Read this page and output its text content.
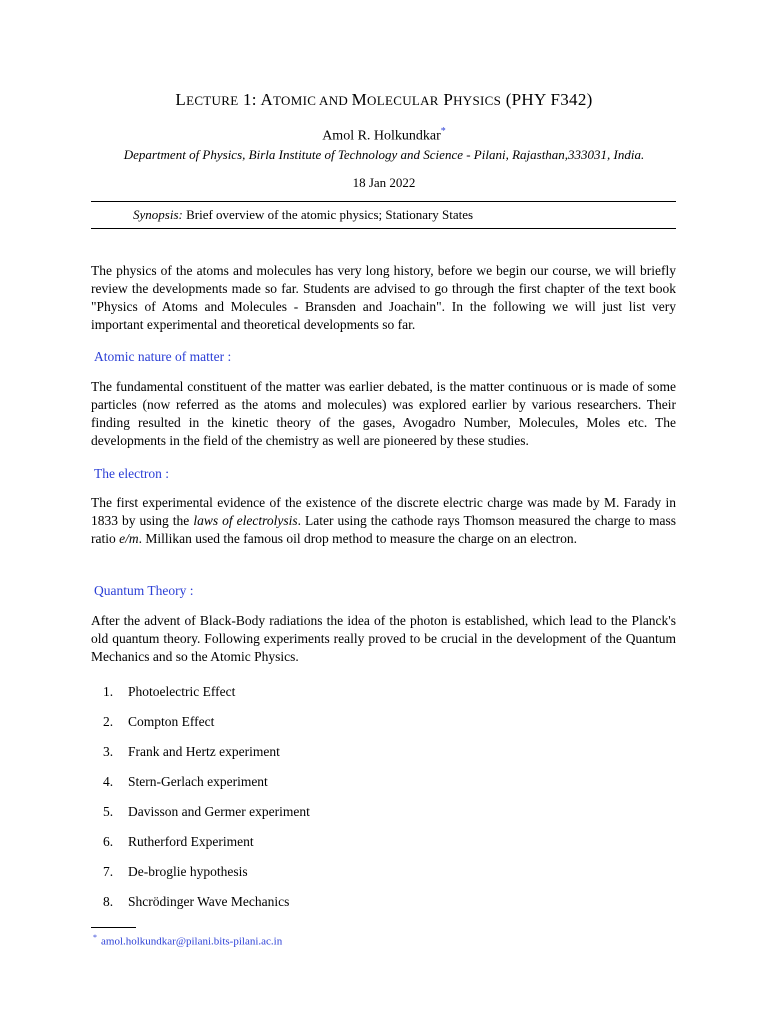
LECTURE 1: ATOMIC AND MOLECULAR PHYSICS (PHY F342)
Amol R. Holkundkar*
Department of Physics, Birla Institute of Technology and Science - Pilani, Rajasthan,333031, India.
18 Jan 2022
Synopsis: Brief overview of the atomic physics; Stationary States

The physics of the atoms and molecules has very long history, before we begin our course, we will briefly review the developments made so far. Students are advised to go through the first chapter of the text book "Physics of Atoms and Molecules - Bransden and Joachain". In the following we will just list very important experimental and theoretical developments so far.

Atomic nature of matter :

The fundamental constituent of the matter was earlier debated, is the matter continuous or is made of some particles (now referred as the atoms and molecules) was explored earlier by various researchers. Their finding resulted in the kinetic theory of the gases, Avogadro Number, Molecules, Moles etc. The developments in the field of the chemistry as well are pioneered by these studies.

The electron :

The first experimental evidence of the existence of the discrete electric charge was made by M. Farady in 1833 by using the laws of electrolysis. Later using the cathode rays Thomson measured the charge to mass ratio e/m. Millikan used the famous oil drop method to measure the charge on an electron.

Quantum Theory :

After the advent of Black-Body radiations the idea of the photon is established, which lead to the Planck's old quantum theory. Following experiments really proved to be crucial in the development of the Quantum Mechanics and so the Atomic Physics.

1. Photoelectric Effect
2. Compton Effect
3. Frank and Hertz experiment
4. Stern-Gerlach experiment
5. Davisson and Germer experiment
6. Rutherford Experiment
7. De-broglie hypothesis
8. Shcrödinger Wave Mechanics
* amol.holkundkar@pilani.bits-pilani.ac.in
